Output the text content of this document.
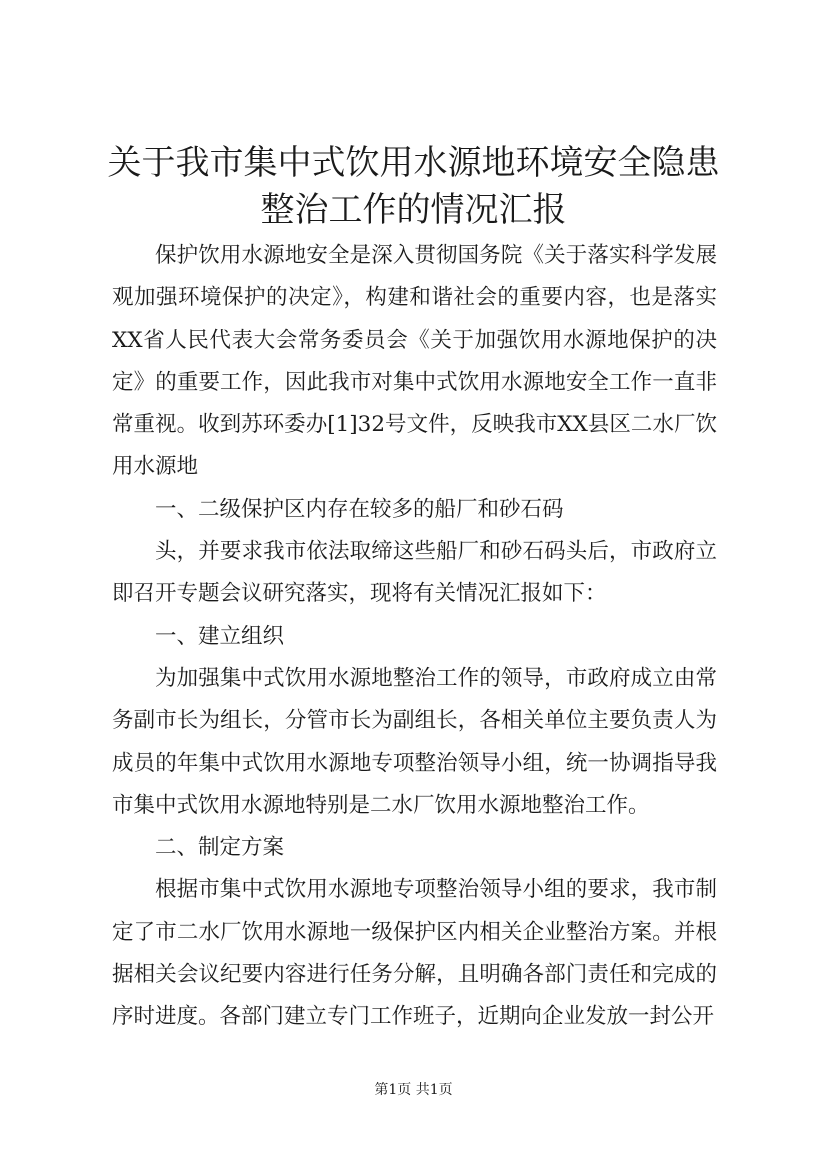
关于我市集中式饮用水源地环境安全隐患整治工作的情况汇报

保护饮用水源地安全是深入贯彻国务院《关于落实科学发展观加强环境保护的决定》，构建和谐社会的重要内容，也是落实XX省人民代表大会常务委员会《关于加强饮用水源地保护的决定》的重要工作，因此我市对集中式饮用水源地安全工作一直非常重视。收到苏环委办[1]32号文件，反映我市XX县区二水厂饮用水源地

一、二级保护区内存在较多的船厂和砂石码

头，并要求我市依法取缔这些船厂和砂石码头后，市政府立即召开专题会议研究落实，现将有关情况汇报如下：

一、建立组织

为加强集中式饮用水源地整治工作的领导，市政府成立由常务副市长为组长，分管市长为副组长，各相关单位主要负责人为成员的年集中式饮用水源地专项整治领导小组，统一协调指导我市集中式饮用水源地特别是二水厂饮用水源地整治工作。

二、制定方案

根据市集中式饮用水源地专项整治领导小组的要求，我市制定了市二水厂饮用水源地一级保护区内相关企业整治方案。并根据相关会议纪要内容进行任务分解，且明确各部门责任和完成的序时进度。各部门建立专门工作班子，近期向企业发放一封公开

第1页 共1页
